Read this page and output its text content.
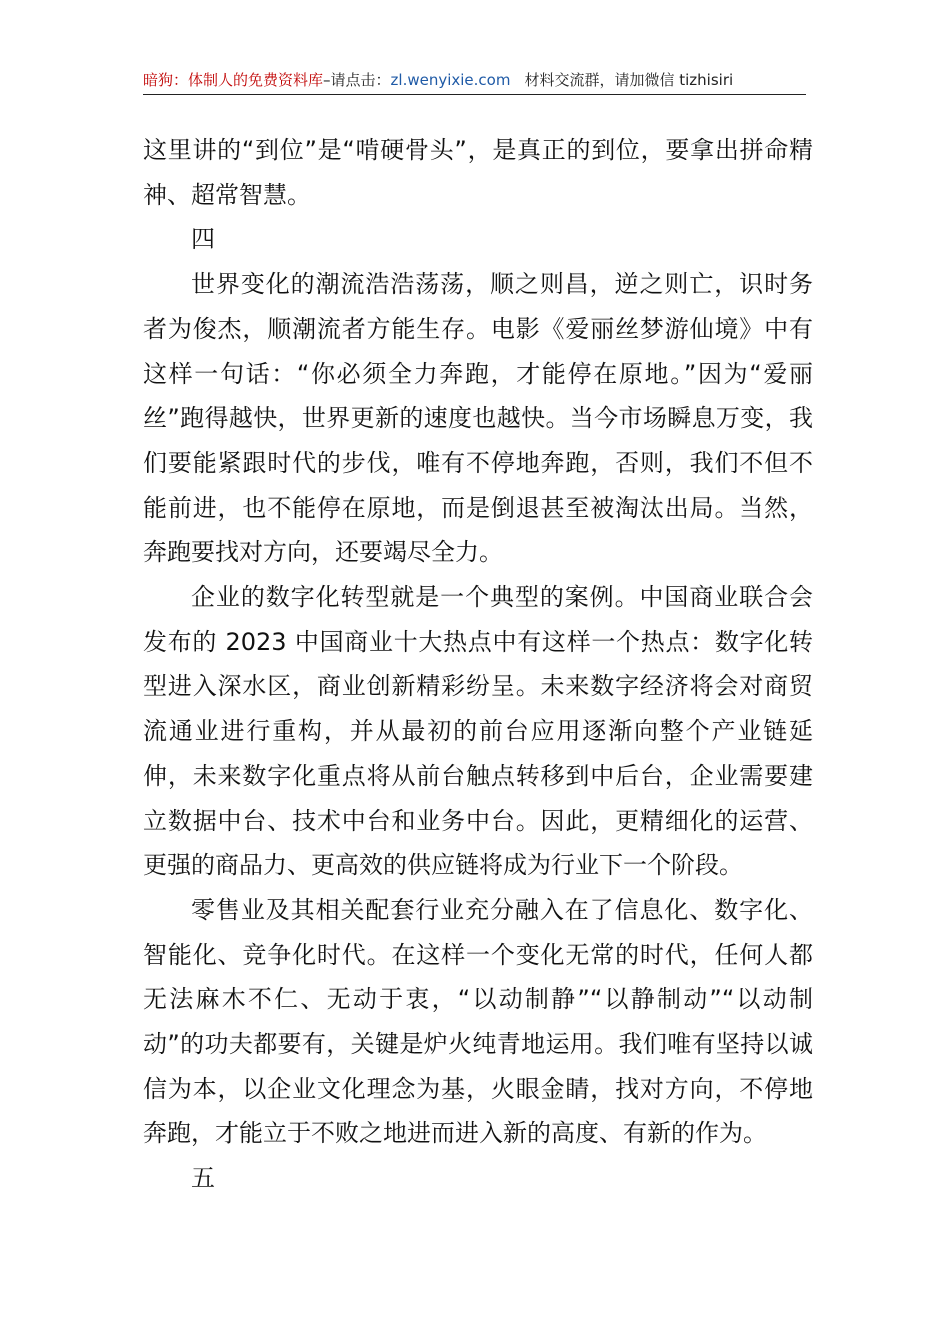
暗狗：体制人的免费资料库–请点击：zl.wenyixie.com 材料交流群，请加微信 tizhisiri

这里讲的“到位”是“啃硬骨头”，是真正的到位，要拿出拼命精神、超常智慧。

四

世界变化的潮流浩浩荡荡，顺之则昌，逆之则亡，识时务者为俊杰，顺潮流者方能生存。电影《爱丽丝梦游仙境》中有这样一句话：“你必须全力奔跑，才能停在原地。”因为“爱丽丝”跑得越快，世界更新的速度也越快。当今市场瞬息万变，我们要能紧跟时代的步伐，唯有不停地奔跑，否则，我们不但不能前进，也不能停在原地，而是倒退甚至被淘汰出局。当然，奔跑要找对方向，还要竭尽全力。

企业的数字化转型就是一个典型的案例。中国商业联合会发布的 2023 中国商业十大热点中有这样一个热点：数字化转型进入深水区，商业创新精彩纷呈。未来数字经济将会对商贸流通业进行重构，并从最初的前台应用逐渐向整个产业链延伸，未来数字化重点将从前台触点转移到中后台，企业需要建立数据中台、技术中台和业务中台。因此，更精细化的运营、更强的商品力、更高效的供应链将成为行业下一个阶段。

零售业及其相关配套行业充分融入在了信息化、数字化、智能化、竞争化时代。在这样一个变化无常的时代，任何人都无法麻木不仁、无动于衷，“以动制静”“以静制动”“以动制动”的功夫都要有，关键是炉火纯青地运用。我们唯有坚持以诚信为本，以企业文化理念为基，火眼金睛，找对方向，不停地奔跑，才能立于不败之地进而进入新的高度、有新的作为。

五
